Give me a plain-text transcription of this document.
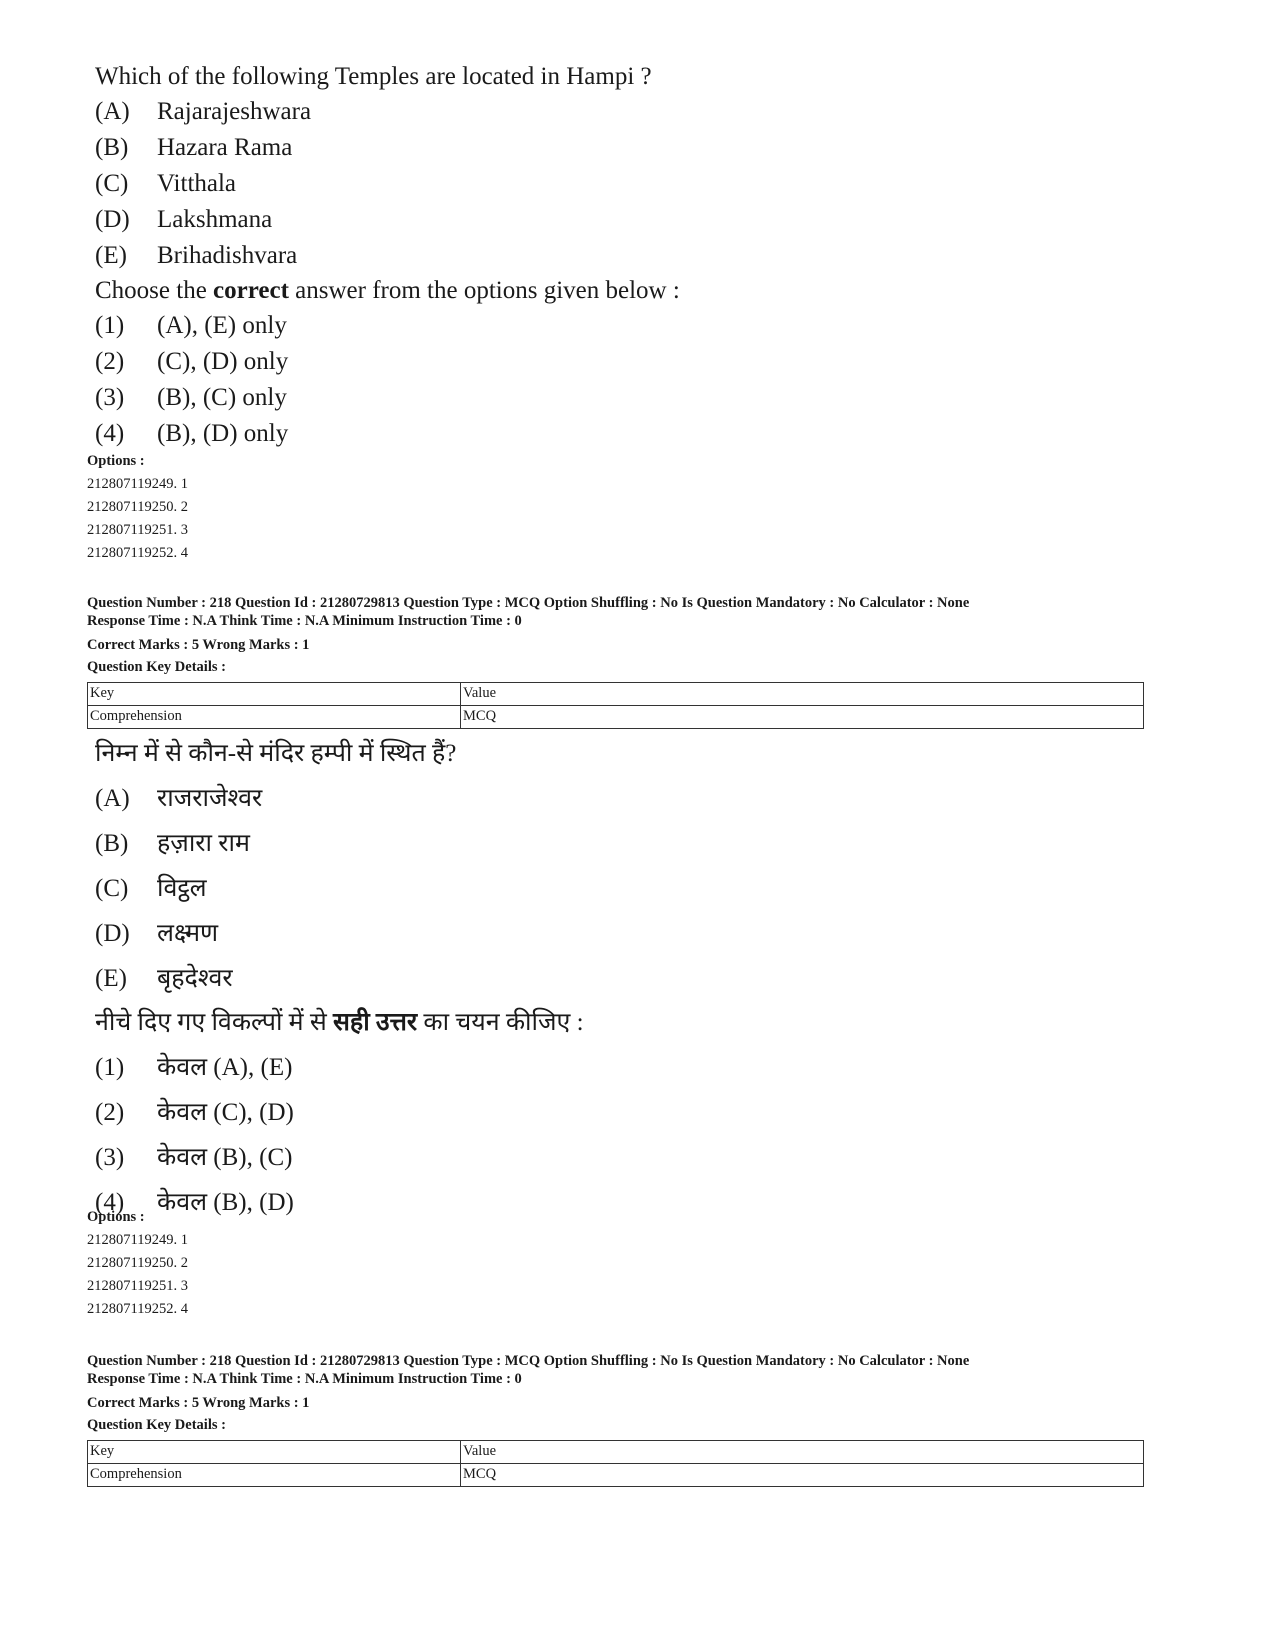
Which of the following Temples are located in Hampi ?

(A)	Rajarajeshwara
(B)	Hazara Rama
(C)	Vitthala
(D)	Lakshmana
(E)	Brihadishvara

Choose the correct answer from the options given below :

(1)	(A), (E) only
(2)	(C), (D) only
(3)	(B), (C) only
(4)	(B), (D) only
Options :
212807119249. 1
212807119250. 2
212807119251. 3
212807119252. 4
Question Number : 218 Question Id : 21280729813 Question Type : MCQ Option Shuffling : No Is Question Mandatory : No Calculator : None
Response Time : N.A Think Time : N.A Minimum Instruction Time : 0
Correct Marks : 5 Wrong Marks : 1
Question Key Details :
Key	Value
Comprehension	MCQ

निम्न में से कौन-से मंदिर हम्पी में स्थित हैं?

(A)	राजराजेश्वर
(B)	हज़ारा राम
(C)	विट्ठल
(D)	लक्ष्मण
(E)	बृहदेश्वर

नीचे दिए गए विकल्पों में से सही उत्तर का चयन कीजिए :

(1)	केवल (A), (E)
(2)	केवल (C), (D)
(3)	केवल (B), (C)
(4)	केवल (B), (D)
Options :
212807119249. 1
212807119250. 2
212807119251. 3
212807119252. 4
Question Number : 218 Question Id : 21280729813 Question Type : MCQ Option Shuffling : No Is Question Mandatory : No Calculator : None
Response Time : N.A Think Time : N.A Minimum Instruction Time : 0
Correct Marks : 5 Wrong Marks : 1
Question Key Details :
Key	Value
Comprehension	MCQ
